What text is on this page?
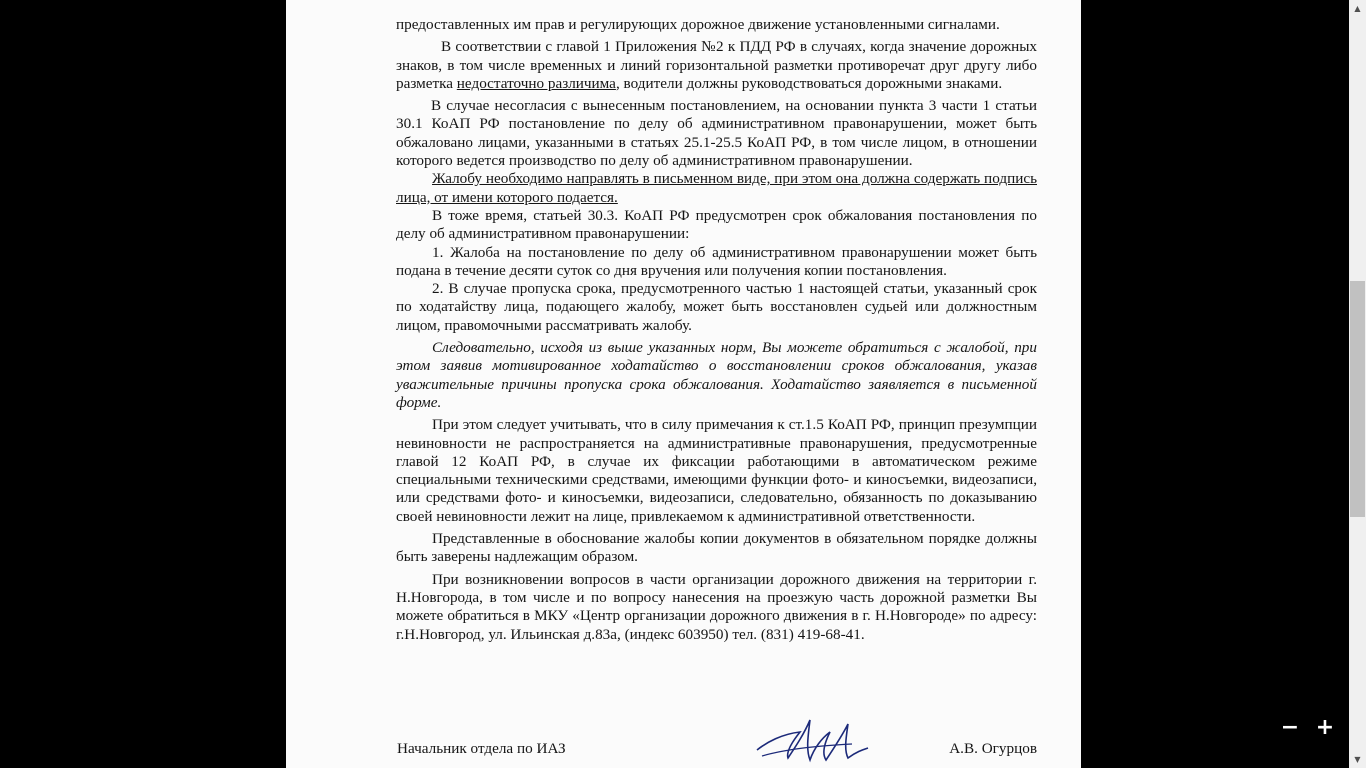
предоставленных им прав и регулирующих дорожное движение установленными сигналами.

В соответствии с главой 1 Приложения №2 к ПДД РФ в случаях, когда значение дорожных знаков, в том числе временных и линий горизонтальной разметки противоречат друг другу либо разметка недостаточно различима, водители должны руководствоваться дорожными знаками.

В случае несогласия с вынесенным постановлением, на основании пункта 3 части 1 статьи 30.1 КоАП РФ постановление по делу об административном правонарушении, может быть обжаловано лицами, указанными в статьях 25.1-25.5 КоАП РФ, в том числе лицом, в отношении которого ведется производство по делу об административном правонарушении.

Жалобу необходимо направлять в письменном виде, при этом она должна содержать подпись лица, от имени которого подается.

В тоже время, статьей 30.3. КоАП РФ предусмотрен срок обжалования постановления по делу об административном правонарушении:

1. Жалоба на постановление по делу об административном правонарушении может быть подана в течение десяти суток со дня вручения или получения копии постановления.

2. В случае пропуска срока, предусмотренного частью 1 настоящей статьи, указанный срок по ходатайству лица, подающего жалобу, может быть восстановлен судьей или должностным лицом, правомочными рассматривать жалобу.

Следовательно, исходя из выше указанных норм, Вы можете обратиться с жалобой, при этом заявив мотивированное ходатайство о восстановлении сроков обжалования, указав уважительные причины пропуска срока обжалования. Ходатайство заявляется в письменной форме.

При этом следует учитывать, что в силу примечания к ст.1.5 КоАП РФ, принцип презумпции невиновности не распространяется на административные правонарушения, предусмотренные главой 12 КоАП РФ, в случае их фиксации работающими в автоматическом режиме специальными техническими средствами, имеющими функции фото- и киносъемки, видеозаписи, или средствами фото- и киносъемки, видеозаписи, следовательно, обязанность по доказыванию своей невиновности лежит на лице, привлекаемом к административной ответственности.

Представленные в обоснование жалобы копии документов в обязательном порядке должны быть заверены надлежащим образом.

При возникновении вопросов в части организации дорожного движения на территории г. Н.Новгорода, в том числе и по вопросу нанесения на проезжую часть дорожной разметки Вы можете обратиться в МКУ «Центр организации дорожного движения в г. Н.Новгороде» по адресу: г.Н.Новгород, ул. Ильинская д.83а, (индекс 603950) тел. (831) 419-68-41.

Начальник отдела по ИАЗ	А.В. Огурцов
− +
▲
▼
